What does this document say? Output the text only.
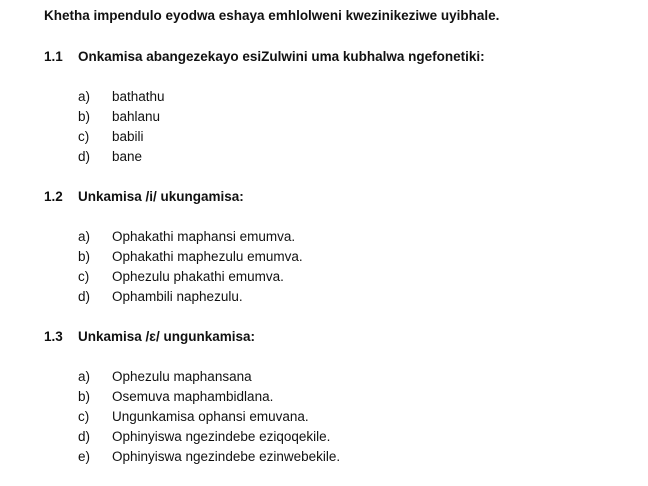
Khetha impendulo eyodwa eshaya emhlolweni kwezinikeziwe uyibhale.
1.1 Onkamisa abangezekayo esiZulwini uma kubhalwa ngefonetiki:
a) bathathu
b) bahlanu
c) babili
d) bane
1.2 Unkamisa /i/ ukungamisa:
a) Ophakathi maphansi emumva.
b) Ophakathi maphezulu emumva.
c) Ophezulu phakathi emumva.
d) Ophambili naphezulu.
1.3 Unkamisa /ɛ/ ungunkamisa:
a) Ophezulu maphansana
b) Osemuva maphambidlana.
c) Ungunkamisa ophansi emuvana.
d) Ophinyiswa ngezindebe eziqoqekile.
e) Ophinyiswa ngezindebe ezinwebekile.
